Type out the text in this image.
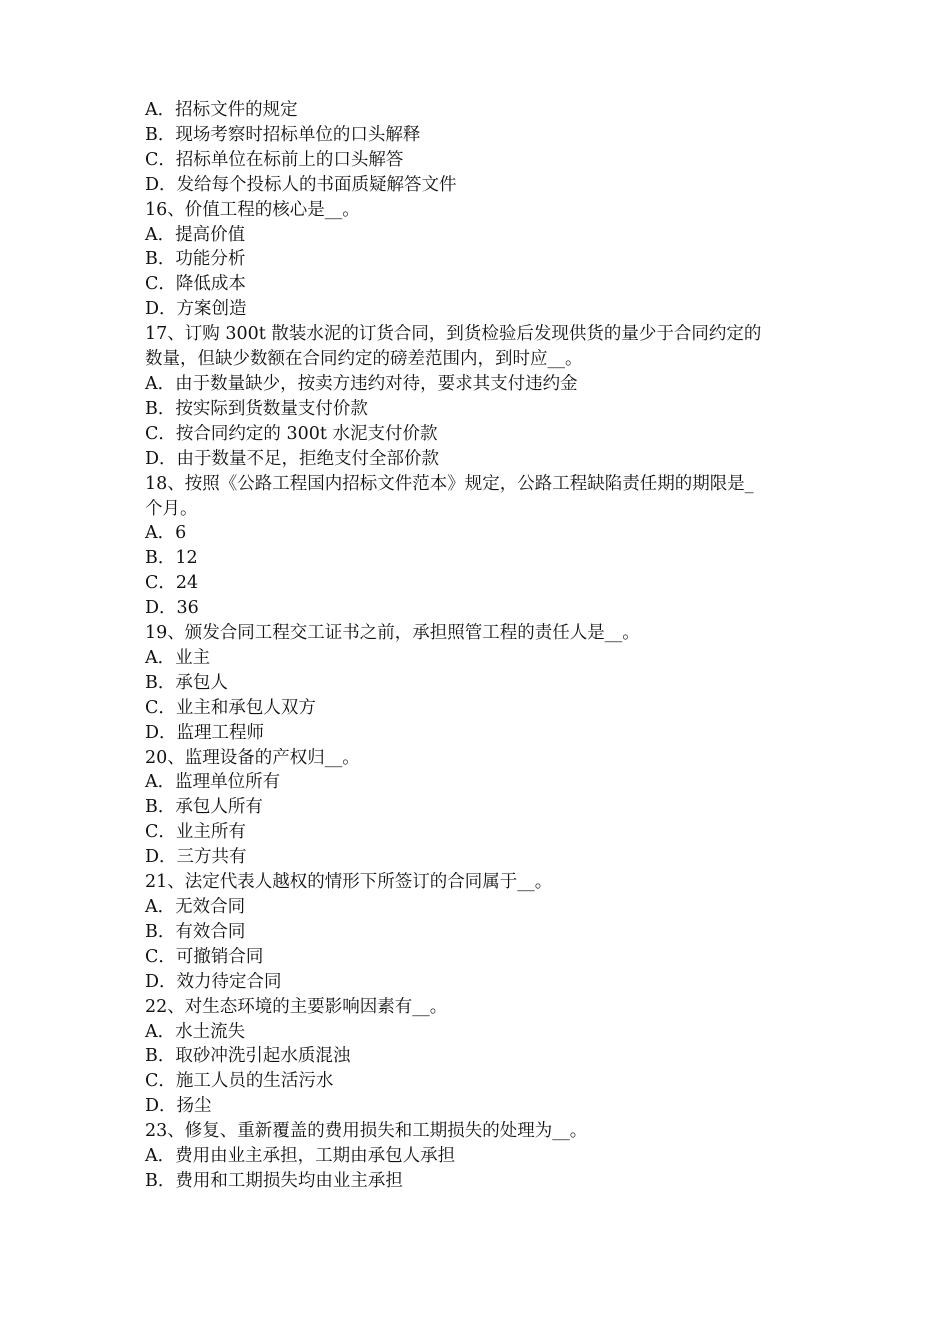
A．招标文件的规定

B．现场考察时招标单位的口头解释

C．招标单位在标前上的口头解答

D．发给每个投标人的书面质疑解答文件

16、价值工程的核心是__。

A．提高价值

B．功能分析

C．降低成本

D．方案创造

17、订购 300t 散装水泥的订货合同，到货检验后发现供货的量少于合同约定的

数量，但缺少数额在合同约定的磅差范围内，到时应__。

A．由于数量缺少，按卖方违约对待，要求其支付违约金

B．按实际到货数量支付价款

C．按合同约定的 300t 水泥支付价款

D．由于数量不足，拒绝支付全部价款

18、按照《公路工程国内招标文件范本》规定，公路工程缺陷责任期的期限是_

个月。

A．6

B．12

C．24

D．36

19、颁发合同工程交工证书之前，承担照管工程的责任人是__。

A．业主

B．承包人

C．业主和承包人双方

D．监理工程师

20、监理设备的产权归__。

A．监理单位所有

B．承包人所有

C．业主所有

D．三方共有

21、法定代表人越权的情形下所签订的合同属于__。

A．无效合同

B．有效合同

C．可撤销合同

D．效力待定合同

22、对生态环境的主要影响因素有__。

A．水土流失

B．取砂冲洗引起水质混浊

C．施工人员的生活污水

D．扬尘

23、修复、重新覆盖的费用损失和工期损失的处理为__。

A．费用由业主承担，工期由承包人承担

B．费用和工期损失均由业主承担
